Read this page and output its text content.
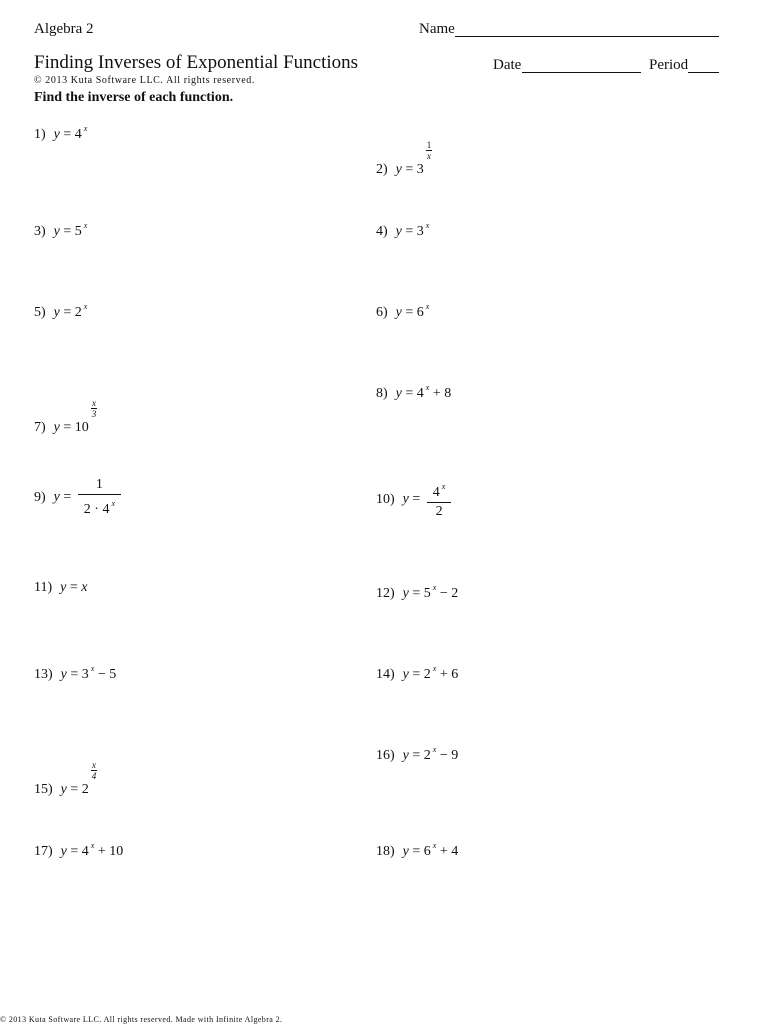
Algebra 2	Name
Finding Inverses of Exponential Functions	Date	Period
© 2013 Kuta Software LLC. All rights reserved.
Find the inverse of each function.
1) y = 4 $^x$
2) y = 3
$\frac{1}{x}$
3) y = 5 $^x$	4) y = 3 $^x$
5) y = 2 $^x$	6) y = 6 $^x$
7) y = 10
$\frac{x}{3}$
8) y = 4 $^x$ + 8
9) $y = \frac{1}{2 \cdot 4 ^x}$	10) $y = \frac{4 ^x}{2}$
11) y = x	12) y = 5 $^x$ − 2
13) y = 3 $^x$ − 5	14) y = 2 $^x$ + 6
15) y = 2
$\frac{x}{4}$
16) y = 2 $^x$ − 9
17) y = 4 $^x$ + 10	18) y = 6 $^x$ + 4
© 2013 Kuta Software LLC. All rights reserved. Made with Infinite Algebra 2.
